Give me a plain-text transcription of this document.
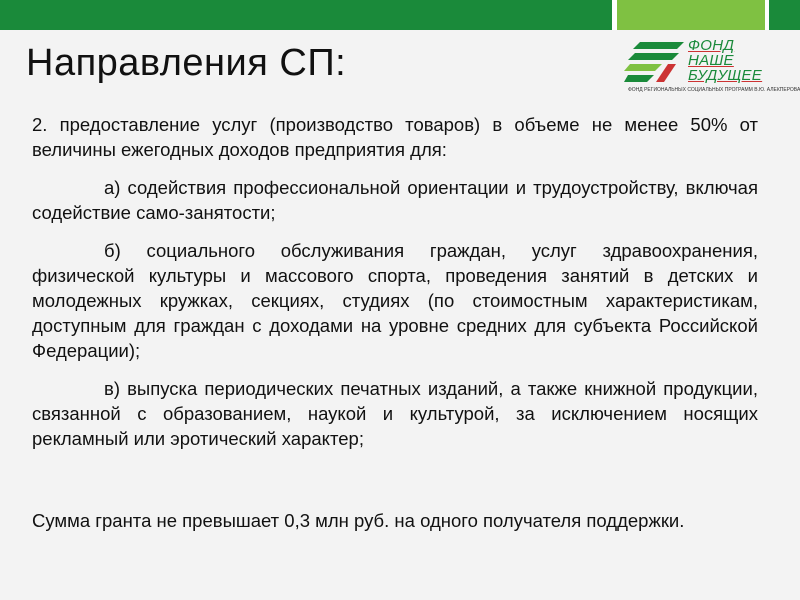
Направления СП:	ФОНД
НАШЕ
БУДУЩЕЕ
ФОНД РЕГИОНАЛЬНЫХ СОЦИАЛЬНЫХ ПРОГРАММ В.Ю. АЛЕКПЕРОВА

2. предоставление услуг (производство товаров) в объеме не менее 50% от величины ежегодных доходов предприятия для:

а) содействия профессиональной ориентации и трудоустройству, включая содействие само-занятости;

б) социального обслуживания граждан, услуг здравоохранения, физической культуры и массового спорта, проведения занятий в детских и молодежных кружках, секциях, студиях (по стоимостным характеристикам, доступным для граждан с доходами на уровне средних для субъекта Российской Федерации);

в) выпуска периодических печатных изданий, а также книжной продукции, связанной с образованием, наукой и культурой, за исключением носящих рекламный или эротический характер;

Сумма гранта не превышает 0,3 млн руб. на одного получателя поддержки.
